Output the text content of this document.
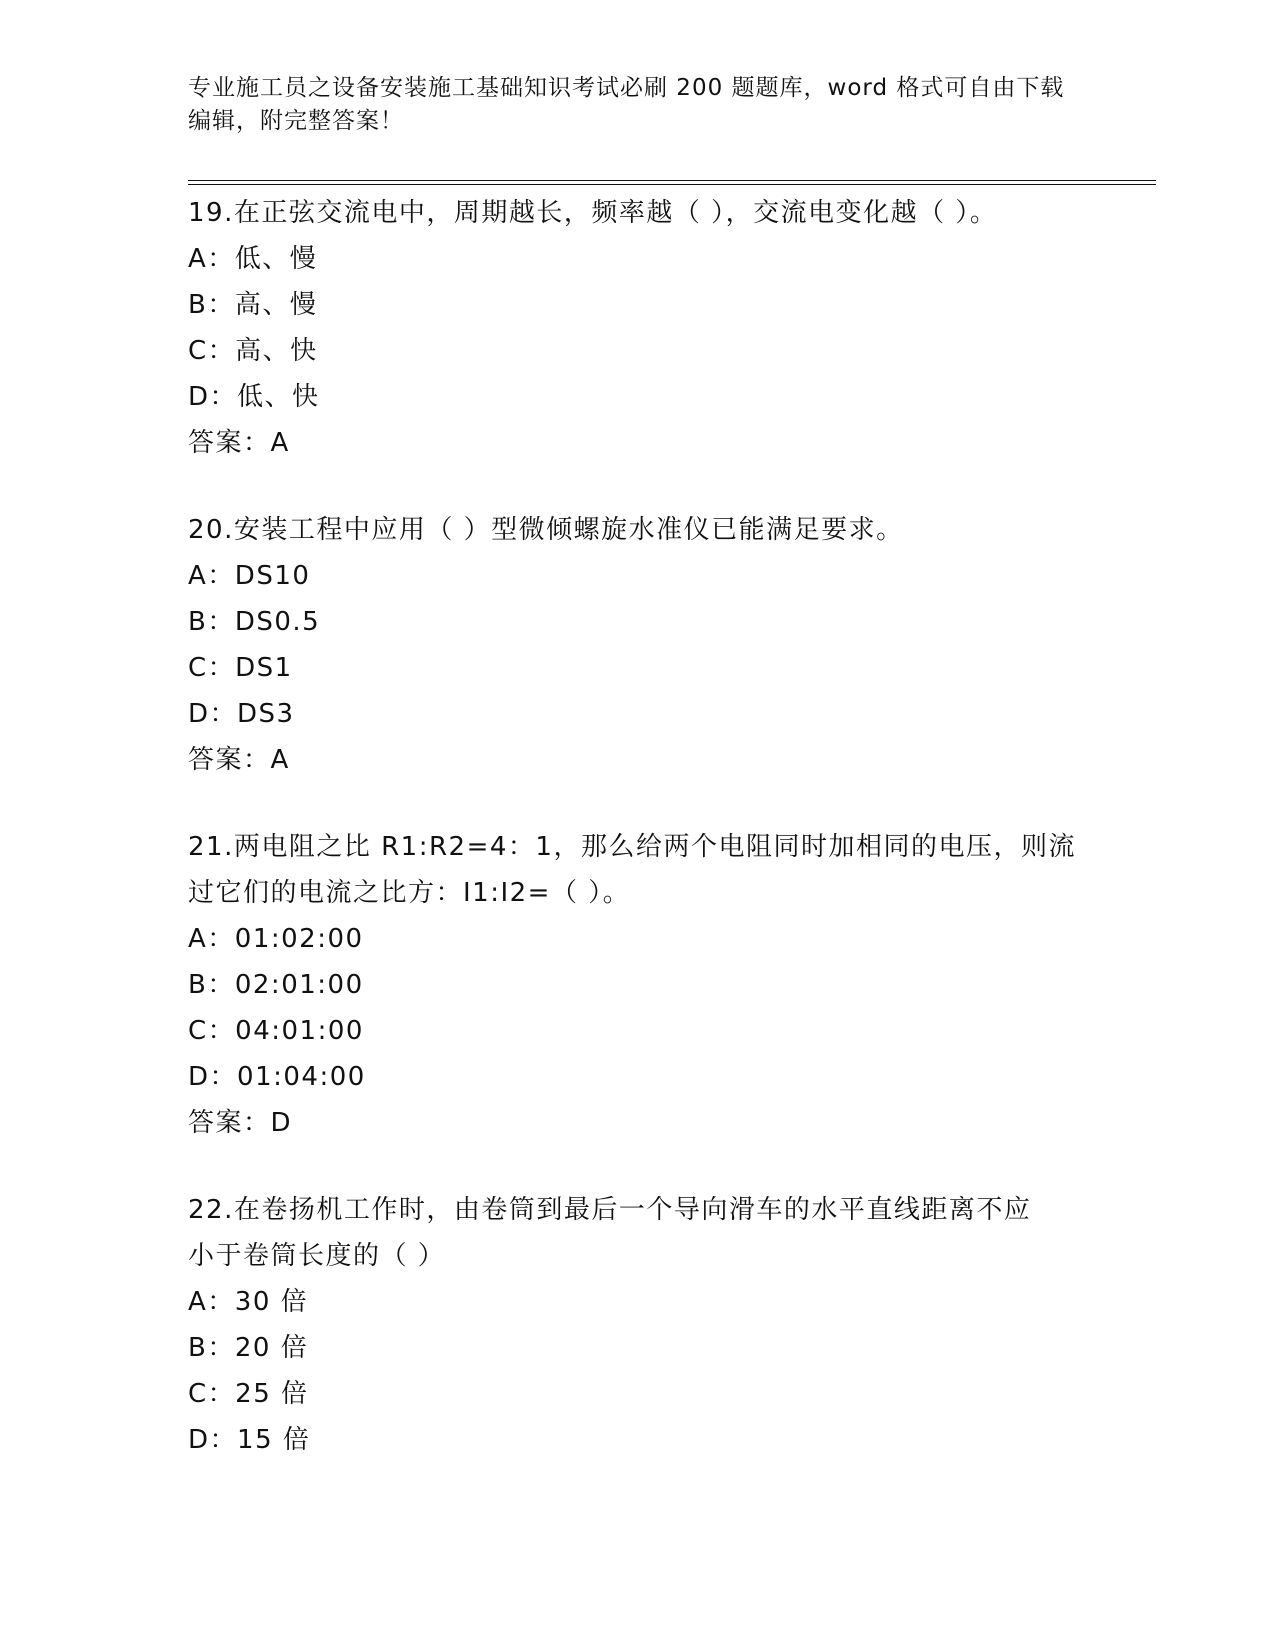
专业施工员之设备安装施工基础知识考试必刷 200 题题库，word 格式可自由下载
编辑，附完整答案！
19.在正弦交流电中，周期越长，频率越（ ），交流电变化越（ ）。
A：低、慢
B：高、慢
C：高、快
D：低、快
答案：A
20.安装工程中应用（ ）型微倾螺旋水准仪已能满足要求。
A：DS10
B：DS0.5
C：DS1
D：DS3
答案：A
21.两电阻之比 R1:R2=4：1，那么给两个电阻同时加相同的电压，则流
过它们的电流之比方：I1:I2=（ ）。
A：01:02:00
B：02:01:00
C：04:01:00
D：01:04:00
答案：D
22.在卷扬机工作时，由卷筒到最后一个导向滑车的水平直线距离不应
小于卷筒长度的（ ）
A：30 倍
B：20 倍
C：25 倍
D：15 倍
